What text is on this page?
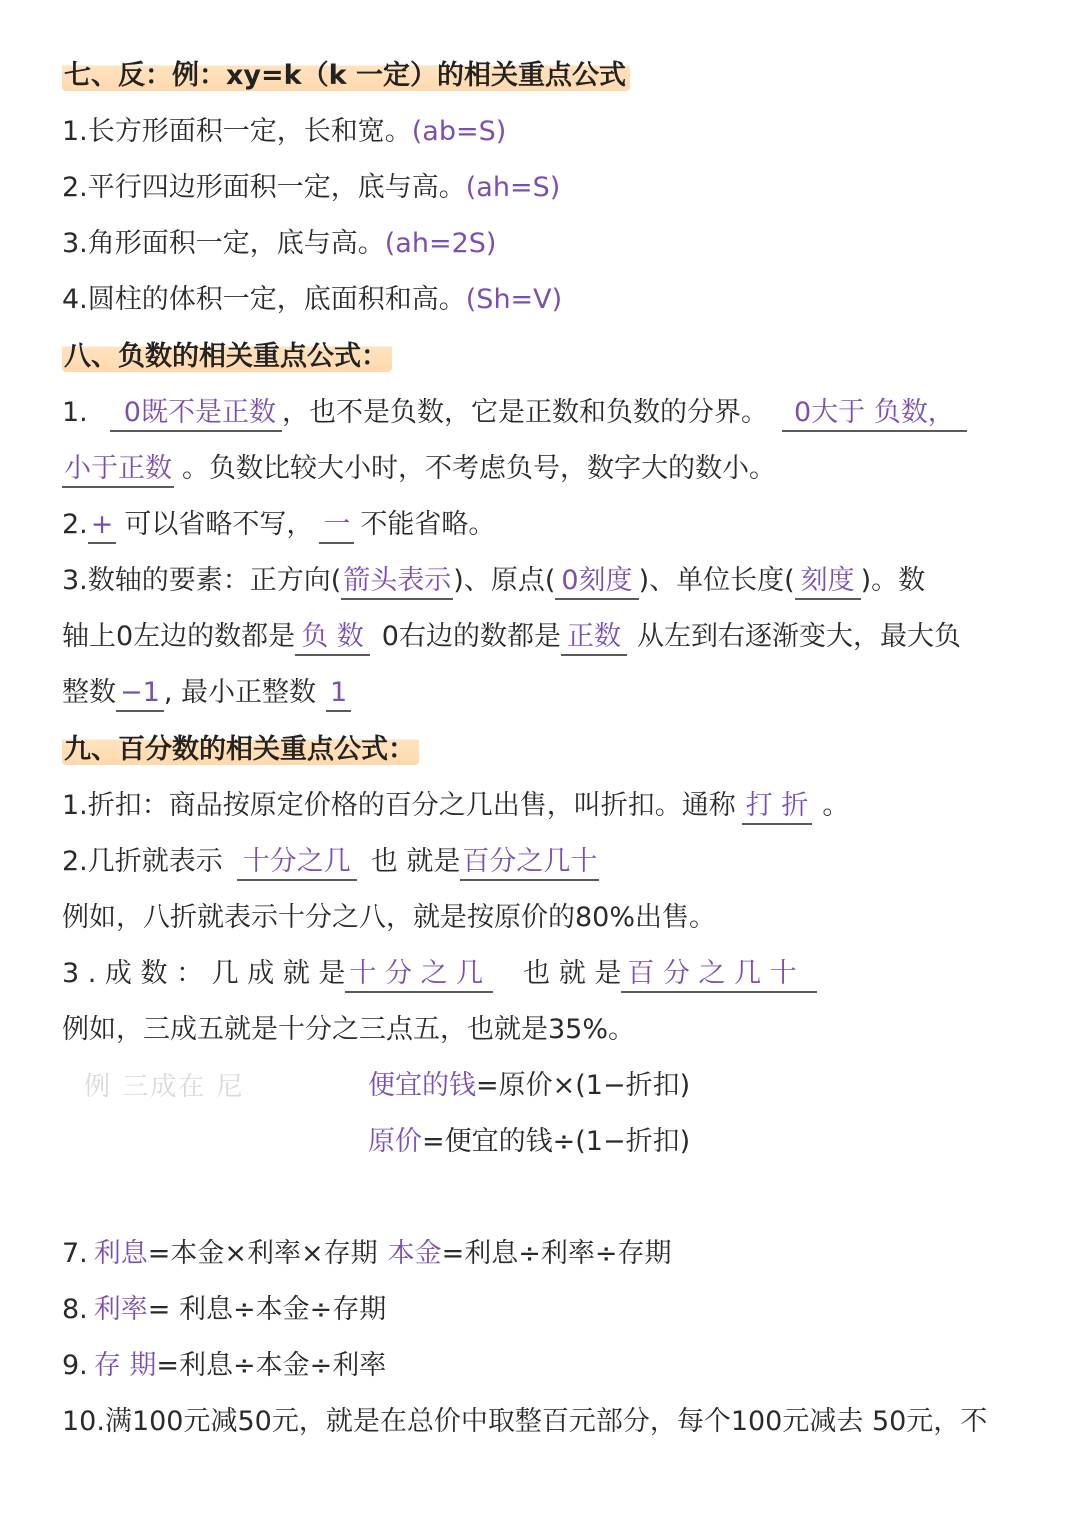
七、反：例：xy=k（k 一定）的相关重点公式
1.长方形面积一定，长和宽。(ab=S)
2.平行四边形面积一定，底与高。(ah=S)
3.角形面积一定，底与高。(ah=2S)
4.圆柱的体积一定，底面积和高。(Sh=V)
八、负数的相关重点公式：
1. 0既不是正数 ，也不是负数，它是正数和负数的分界。 0大于 负数，
小于正数 。负数比较大小时，不考虑负号，数字大的数小。
2. + 可以省略不写， 一 不能省略。
3.数轴的要素：正方向(箭头表示)、原点( 0刻度 )、单位长度( 刻度 )。数
轴上0左边的数都是 负 数 0右边的数都是 正数 从左到右逐渐变大，最大负
整数 −1 , 最小正整数 1
九、百分数的相关重点公式：
1.折扣：商品按原定价格的百分之几出售，叫折扣。通称 打 折 。
2.几折就表示 十分之几 也 就是百分之几十
例如，八折就表示十分之八，就是按原价的80%出售。
3 . 成 数 ： 几 成 就 是 十 分 之 几 也 就 是 百 分 之 几 十
例如，三成五就是十分之三点五，也就是35%。
例 三成在 尼	便宜的钱=原价×(1−折扣)
原价=便宜的钱÷(1−折扣)
7. 利息=本金×利率×存期 本金=利息÷利率÷存期
8. 利率= 利息÷本金÷存期
9. 存 期=利息÷本金÷利率
10.满100元减50元，就是在总价中取整百元部分，每个100元减去 50元，不
